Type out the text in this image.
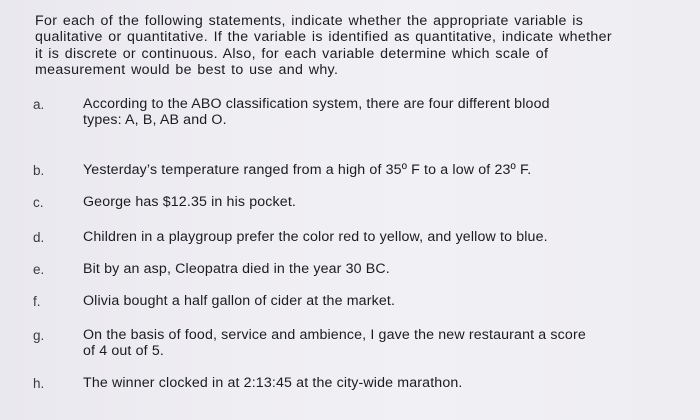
For each of the following statements, indicate whether the appropriate variable is
qualitative or quantitative. If the variable is identified as quantitative, indicate whether
it is discrete or continuous. Also, for each variable determine which scale of
measurement would be best to use and why.

a.	According to the ABO classification system, there are four different blood
types: A, B, AB and O.
b.	Yesterday’s temperature ranged from a high of 35º F to a low of 23º F.
c.	George has $12.35 in his pocket.
d.	Children in a playgroup prefer the color red to yellow, and yellow to blue.
e.	Bit by an asp, Cleopatra died in the year 30 BC.
f.	Olivia bought a half gallon of cider at the market.
g.	On the basis of food, service and ambience, I gave the new restaurant a score
of 4 out of 5.
h.	The winner clocked in at 2:13:45 at the city-wide marathon.
